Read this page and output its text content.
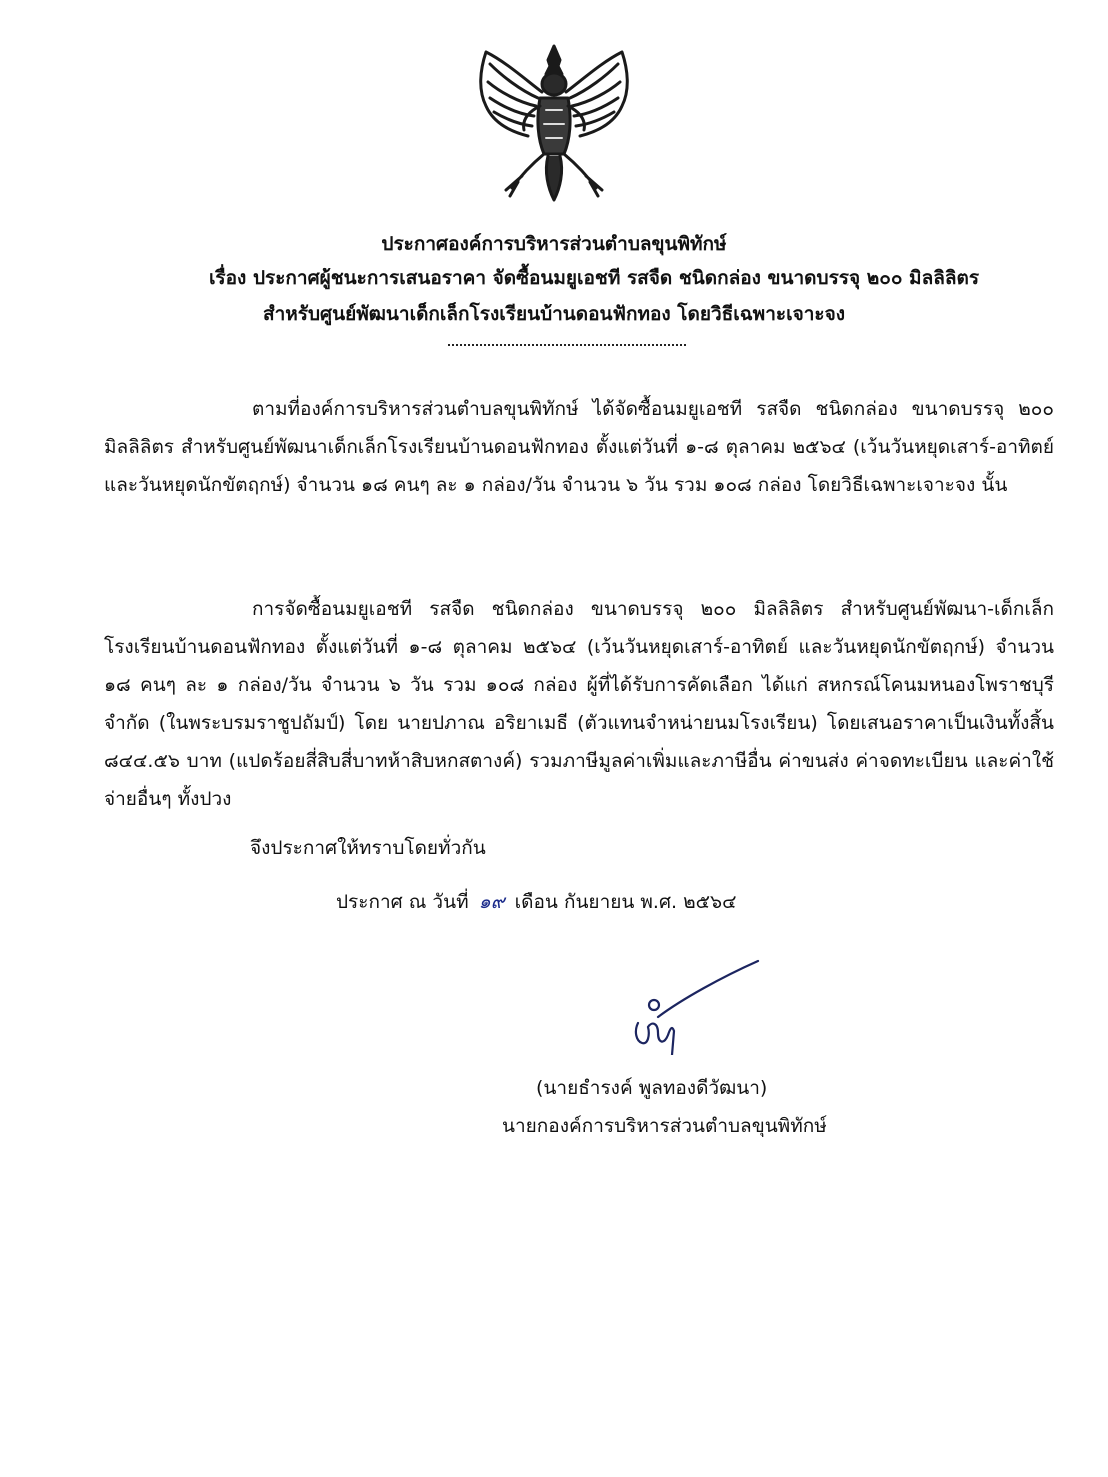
ประกาศองค์การบริหารส่วนตำบลขุนพิทักษ์
เรื่อง ประกาศผู้ชนะการเสนอราคา จัดซื้อนมยูเอชที รสจืด ชนิดกล่อง ขนาดบรรจุ ๒๐๐ มิลลิลิตร
สำหรับศูนย์พัฒนาเด็กเล็กโรงเรียนบ้านดอนฟักทอง โดยวิธีเฉพาะเจาะจง
ตามที่องค์การบริหารส่วนตำบลขุนพิทักษ์ ได้จัดซื้อนมยูเอชที รสจืด ชนิดกล่อง ขนาดบรรจุ ๒๐๐ มิลลิลิตร สำหรับศูนย์พัฒนาเด็กเล็กโรงเรียนบ้านดอนฟักทอง ตั้งแต่วันที่ ๑-๘ ตุลาคม ๒๕๖๔ (เว้นวันหยุดเสาร์-อาทิตย์ และวันหยุดนักขัตฤกษ์) จำนวน ๑๘ คนๆ ละ ๑ กล่อง/วัน จำนวน ๖ วัน รวม ๑๐๘ กล่อง โดยวิธีเฉพาะเจาะจง นั้น
การจัดซื้อนมยูเอชที รสจืด ชนิดกล่อง ขนาดบรรจุ ๒๐๐ มิลลิลิตร สำหรับศูนย์พัฒนา-เด็กเล็กโรงเรียนบ้านดอนฟักทอง ตั้งแต่วันที่ ๑-๘ ตุลาคม ๒๕๖๔ (เว้นวันหยุดเสาร์-อาทิตย์ และวันหยุดนักขัตฤกษ์) จำนวน ๑๘ คนๆ ละ ๑ กล่อง/วัน จำนวน ๖ วัน รวม ๑๐๘ กล่อง ผู้ที่ได้รับการคัดเลือก ได้แก่ สหกรณ์โคนมหนองโพราชบุรี จำกัด (ในพระบรมราชูปถัมป์) โดย นายปภาณ อริยาเมธี (ตัวแทนจำหน่ายนมโรงเรียน) โดยเสนอราคาเป็นเงินทั้งสิ้น ๘๔๔.๕๖ บาท (แปดร้อยสี่สิบสี่บาทห้าสิบหกสตางค์) รวมภาษีมูลค่าเพิ่มและภาษีอื่น ค่าขนส่ง ค่าจดทะเบียน และค่าใช้จ่ายอื่นๆ ทั้งปวง
จึงประกาศให้ทราบโดยทั่วกัน
ประกาศ ณ วันที่ ๑๙ เดือน กันยายน พ.ศ. ๒๕๖๔
(นายธำรงค์ พูลทองดีวัฒนา)
นายกองค์การบริหารส่วนตำบลขุนพิทักษ์
